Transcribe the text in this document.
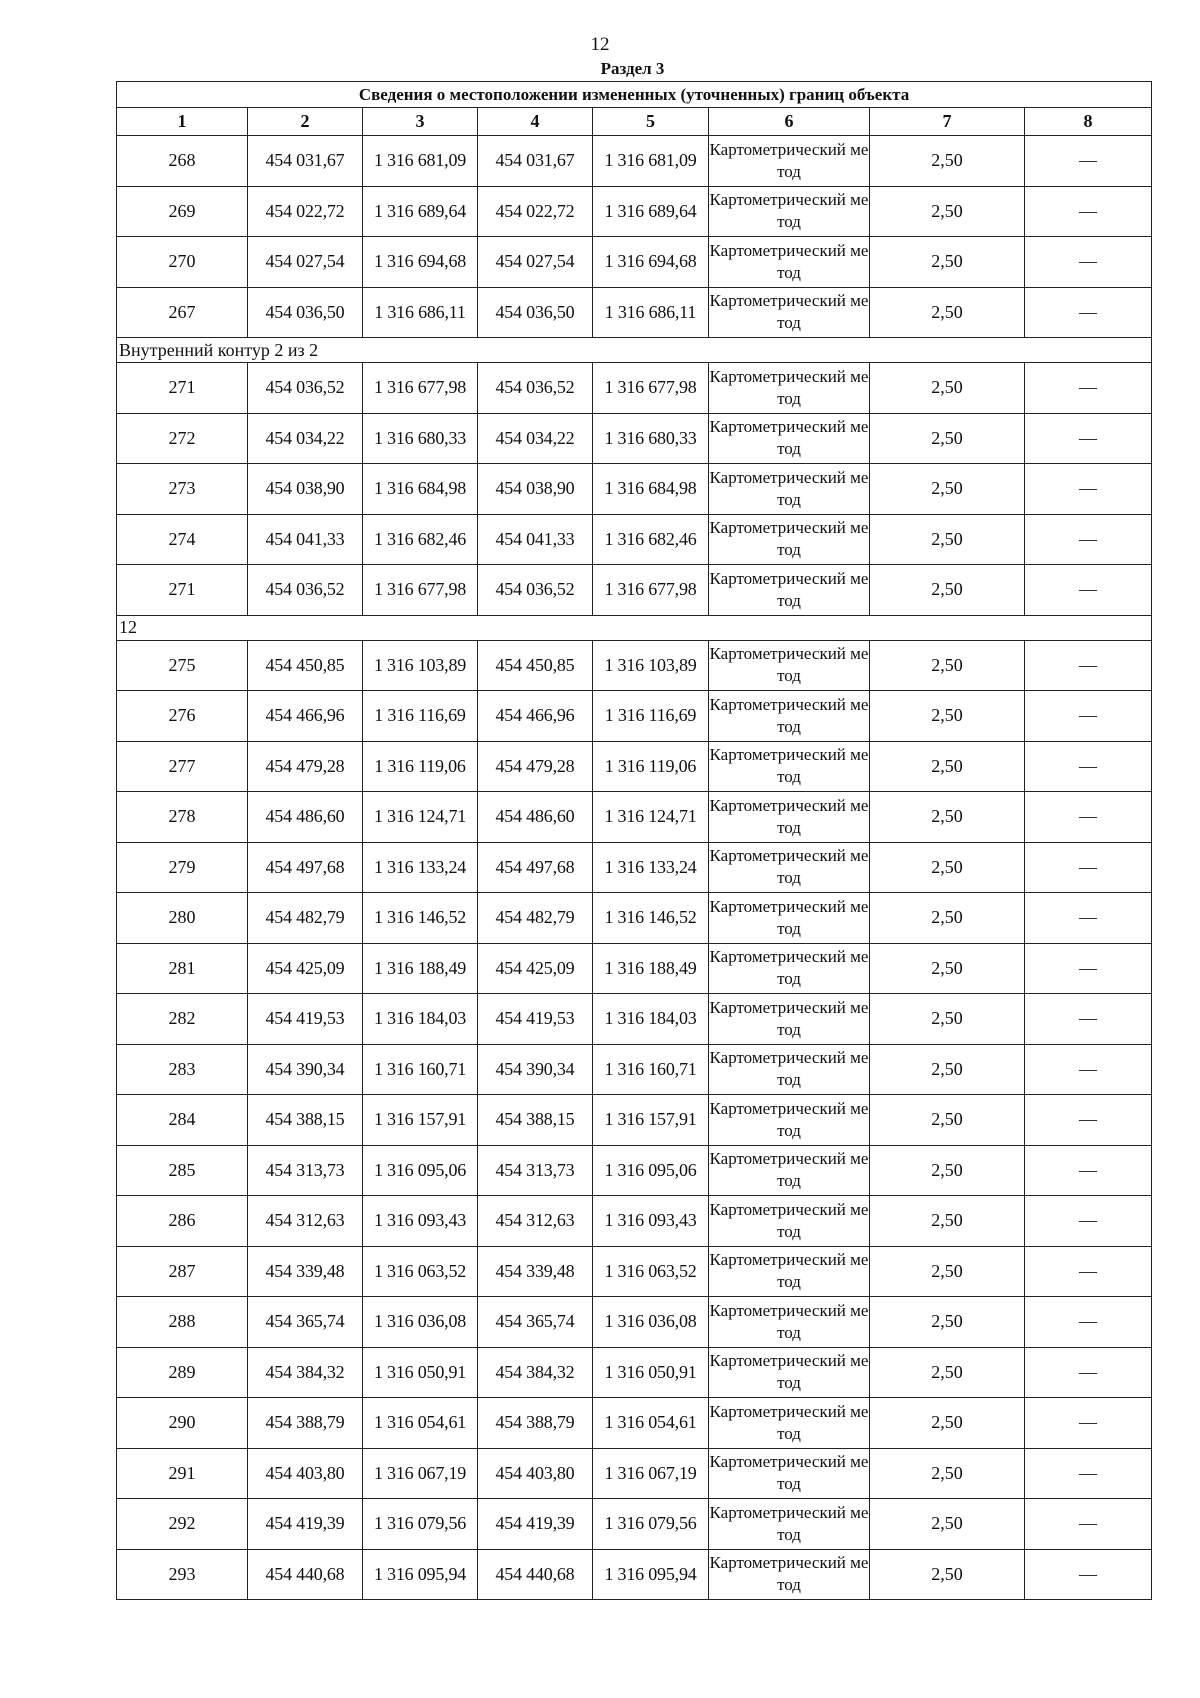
12
Раздел 3
Сведения о местоположении измененных (уточненных) границ объекта							
1	2	3	4	5	6	7	8
268	454 031,67	1 316 681,09	454 031,67	1 316 681,09	Картометрический метод	2,50	—
269	454 022,72	1 316 689,64	454 022,72	1 316 689,64	Картометрический метод	2,50	—
270	454 027,54	1 316 694,68	454 027,54	1 316 694,68	Картометрический метод	2,50	—
267	454 036,50	1 316 686,11	454 036,50	1 316 686,11	Картометрический метод	2,50	—
Внутренний контур 2 из 2							
271	454 036,52	1 316 677,98	454 036,52	1 316 677,98	Картометрический метод	2,50	—
272	454 034,22	1 316 680,33	454 034,22	1 316 680,33	Картометрический метод	2,50	—
273	454 038,90	1 316 684,98	454 038,90	1 316 684,98	Картометрический метод	2,50	—
274	454 041,33	1 316 682,46	454 041,33	1 316 682,46	Картометрический метод	2,50	—
271	454 036,52	1 316 677,98	454 036,52	1 316 677,98	Картометрический метод	2,50	—
12							
275	454 450,85	1 316 103,89	454 450,85	1 316 103,89	Картометрический метод	2,50	—
276	454 466,96	1 316 116,69	454 466,96	1 316 116,69	Картометрический метод	2,50	—
277	454 479,28	1 316 119,06	454 479,28	1 316 119,06	Картометрический метод	2,50	—
278	454 486,60	1 316 124,71	454 486,60	1 316 124,71	Картометрический метод	2,50	—
279	454 497,68	1 316 133,24	454 497,68	1 316 133,24	Картометрический метод	2,50	—
280	454 482,79	1 316 146,52	454 482,79	1 316 146,52	Картометрический метод	2,50	—
281	454 425,09	1 316 188,49	454 425,09	1 316 188,49	Картометрический метод	2,50	—
282	454 419,53	1 316 184,03	454 419,53	1 316 184,03	Картометрический метод	2,50	—
283	454 390,34	1 316 160,71	454 390,34	1 316 160,71	Картометрический метод	2,50	—
284	454 388,15	1 316 157,91	454 388,15	1 316 157,91	Картометрический метод	2,50	—
285	454 313,73	1 316 095,06	454 313,73	1 316 095,06	Картометрический метод	2,50	—
286	454 312,63	1 316 093,43	454 312,63	1 316 093,43	Картометрический метод	2,50	—
287	454 339,48	1 316 063,52	454 339,48	1 316 063,52	Картометрический метод	2,50	—
288	454 365,74	1 316 036,08	454 365,74	1 316 036,08	Картометрический метод	2,50	—
289	454 384,32	1 316 050,91	454 384,32	1 316 050,91	Картометрический метод	2,50	—
290	454 388,79	1 316 054,61	454 388,79	1 316 054,61	Картометрический метод	2,50	—
291	454 403,80	1 316 067,19	454 403,80	1 316 067,19	Картометрический метод	2,50	—
292	454 419,39	1 316 079,56	454 419,39	1 316 079,56	Картометрический метод	2,50	—
293	454 440,68	1 316 095,94	454 440,68	1 316 095,94	Картометрический метод	2,50	—
